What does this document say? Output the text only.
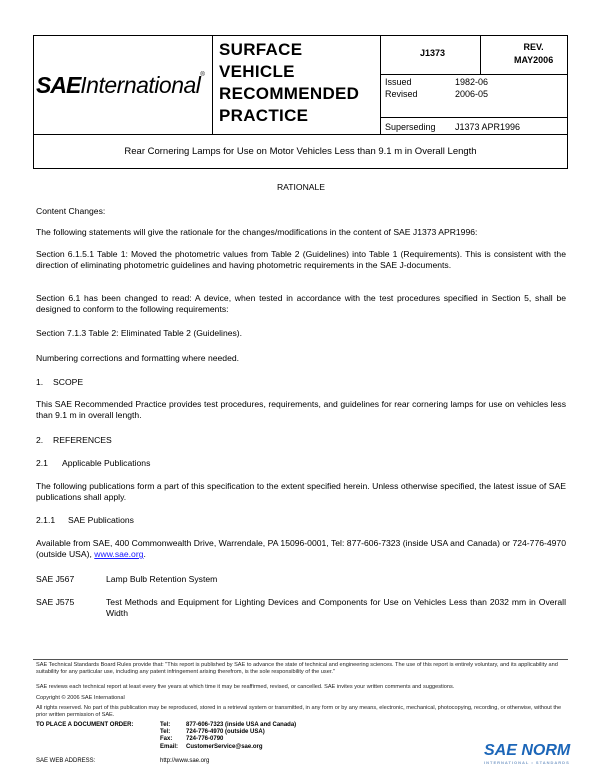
SAEInternational®
SURFACE
VEHICLE
RECOMMENDED
PRACTICE
J1373
REV.
MAY2006
Issued	1982-06
Revised	2006-05
Superseding J1373 APR1996
Rear Cornering Lamps for Use on Motor Vehicles Less than 9.1 m in Overall Length
RATIONALE
Content Changes:
The following statements will give the rationale for the changes/modifications in the content of SAE J1373 APR1996:
Section 6.1.5.1 Table 1: Moved the photometric values from Table 2 (Guidelines) into Table 1 (Requirements). This is consistent with the direction of eliminating photometric guidelines and having photometric requirements in the SAE J-documents.
Section 6.1 has been changed to read: A device, when tested in accordance with the test procedures specified in Section 5, shall be designed to conform to the following requirements:
Section 7.1.3 Table 2: Eliminated Table 2 (Guidelines).
Numbering corrections and formatting where needed.
1. SCOPE
This SAE Recommended Practice provides test procedures, requirements, and guidelines for rear cornering lamps for use on vehicles less than 9.1 m in overall length.
2. REFERENCES
2.1 Applicable Publications
The following publications form a part of this specification to the extent specified herein. Unless otherwise specified, the latest issue of SAE publications shall apply.
2.1.1 SAE Publications
Available from SAE, 400 Commonwealth Drive, Warrendale, PA 15096-0001, Tel: 877-606-7323 (inside USA and Canada) or 724-776-4970 (outside USA), www.sae.org.
SAE J567	Lamp Bulb Retention System
SAE J575	Test Methods and Equipment for Lighting Devices and Components for Use on Vehicles Less than 2032 mm in Overall Width
SAE Technical Standards Board Rules provide that: "This report is published by SAE to advance the state of technical and engineering sciences. The use of this report is entirely voluntary, and its applicability and suitability for any particular use, including any patent infringement arising therefrom, is the sole responsibility of the user."
SAE reviews each technical report at least every five years at which time it may be reaffirmed, revised, or cancelled. SAE invites your written comments and suggestions.
Copyright © 2006 SAE International
All rights reserved. No part of this publication may be reproduced, stored in a retrieval system or transmitted, in any form or by any means, electronic, mechanical, photocopying, recording, or otherwise, without the prior written permission of SAE.
TO PLACE A DOCUMENT ORDER:	Tel:	877-606-7323 (inside USA and Canada)
Tel:	724-776-4970 (outside USA)
Fax: 724-776-0790
Email: CustomerService@sae.org
SAE WEB ADDRESS:	http://www.sae.org
SAE NORM
INTERNATIONAL • STANDARDS
